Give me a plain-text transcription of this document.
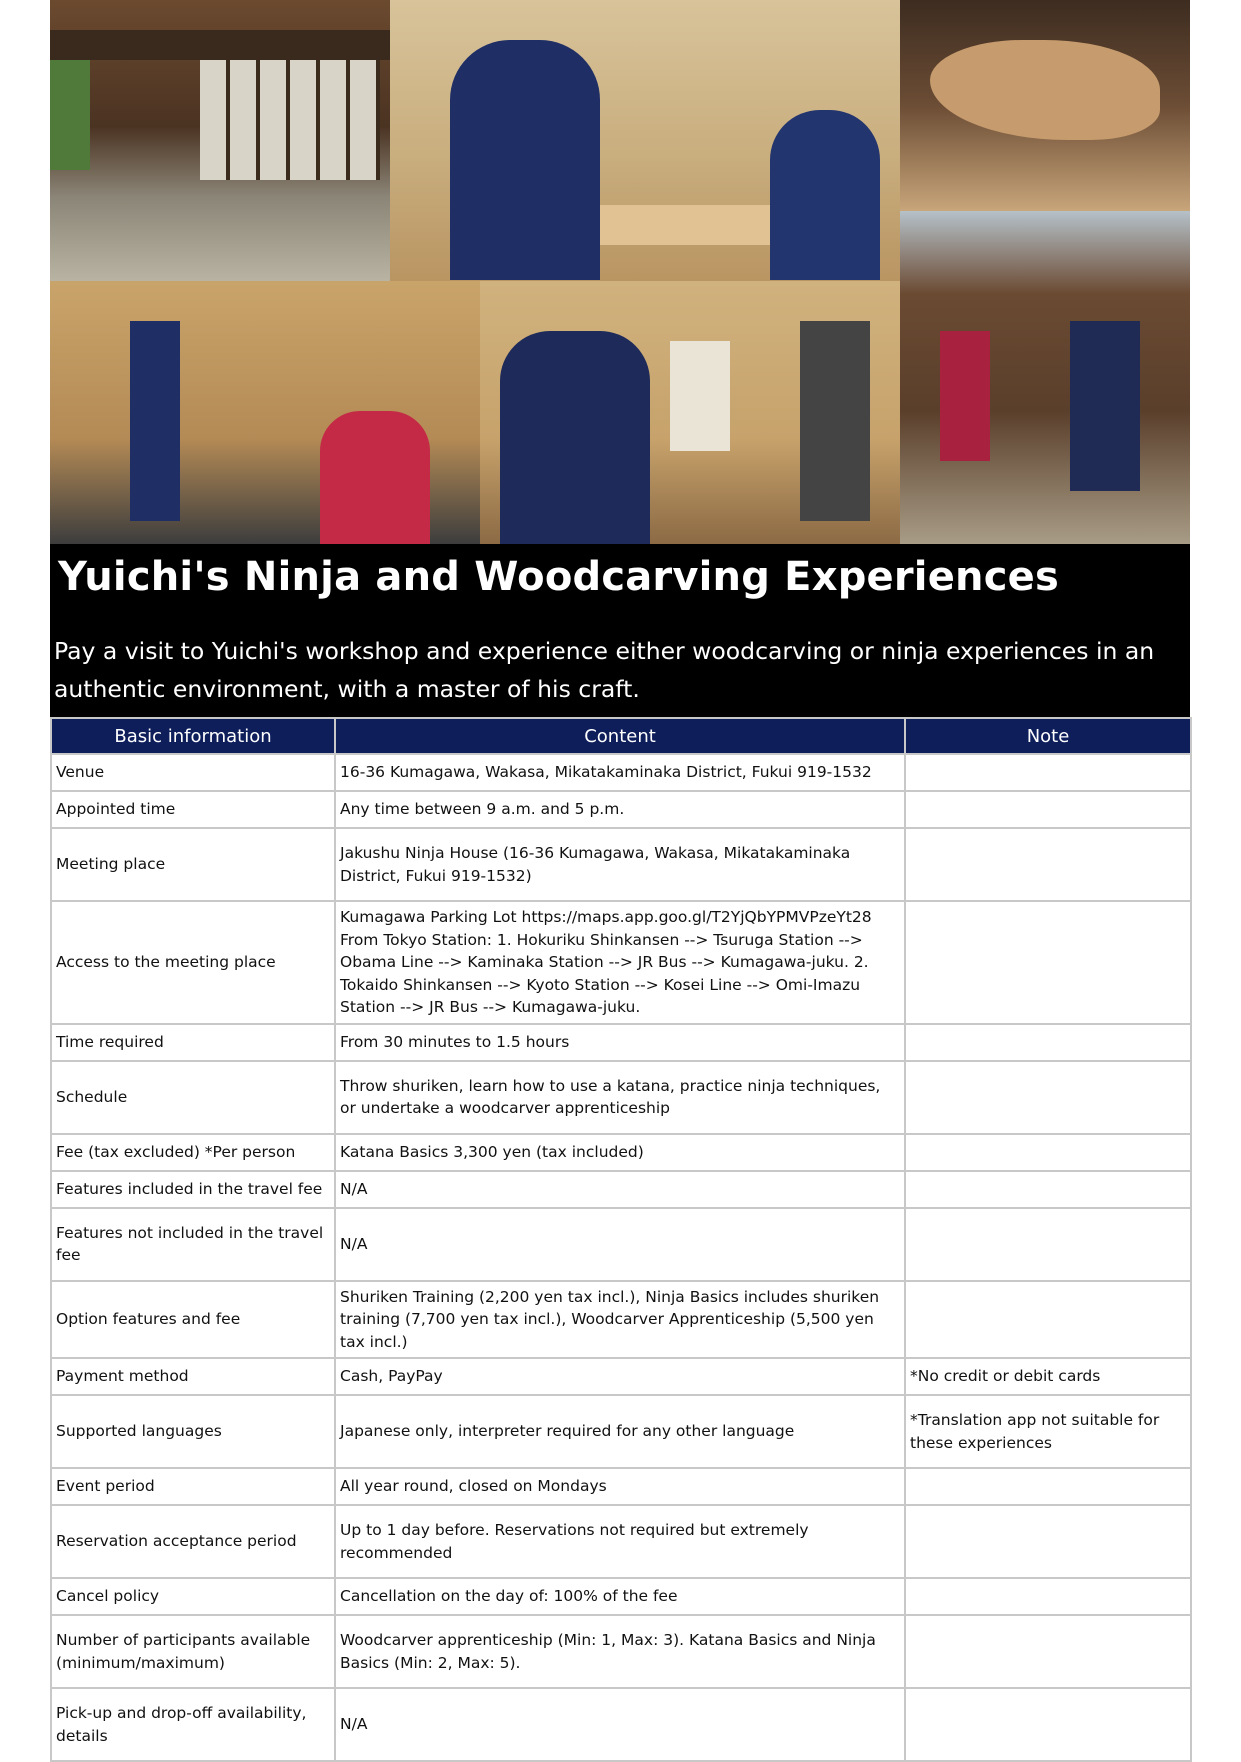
Yuichi's Ninja and Woodcarving Experiences

Pay a visit to Yuichi's workshop and experience either woodcarving or ninja experiences in an authentic environment, with a master of his craft.

Basic information	Content	Note
Venue	16-36 Kumagawa, Wakasa, Mikatakaminaka District, Fukui 919-1532	
Appointed time	Any time between 9 a.m. and 5 p.m.	
Meeting place	Jakushu Ninja House (16-36 Kumagawa, Wakasa, Mikatakaminaka District, Fukui 919-1532)	
Access to the meeting place	Kumagawa Parking Lot https://maps.app.goo.gl/T2YjQbYPMVPzeYt28 From Tokyo Station: 1. Hokuriku Shinkansen --> Tsuruga Station --> Obama Line --> Kaminaka Station --> JR Bus --> Kumagawa-juku. 2. Tokaido Shinkansen --> Kyoto Station --> Kosei Line --> Omi-Imazu Station --> JR Bus --> Kumagawa-juku.	
Time required	From 30 minutes to 1.5 hours	
Schedule	Throw shuriken, learn how to use a katana, practice ninja techniques, or undertake a woodcarver apprenticeship	
Fee (tax excluded) *Per person	Katana Basics 3,300 yen (tax included)	
Features included in the travel fee	N/A	
Features not included in the travel fee	N/A	
Option features and fee	Shuriken Training (2,200 yen tax incl.), Ninja Basics includes shuriken training (7,700 yen tax incl.), Woodcarver Apprenticeship (5,500 yen tax incl.)	
Payment method	Cash, PayPay	*No credit or debit cards
Supported languages	Japanese only, interpreter required for any other language	*Translation app not suitable for these experiences
Event period	All year round, closed on Mondays	
Reservation acceptance period	Up to 1 day before. Reservations not required but extremely recommended	
Cancel policy	Cancellation on the day of: 100% of the fee	
Number of participants available (minimum/maximum)	Woodcarver apprenticeship (Min: 1, Max: 3). Katana Basics and Ninja Basics (Min: 2, Max: 5).	
Pick-up and drop-off availability, details	N/A	
